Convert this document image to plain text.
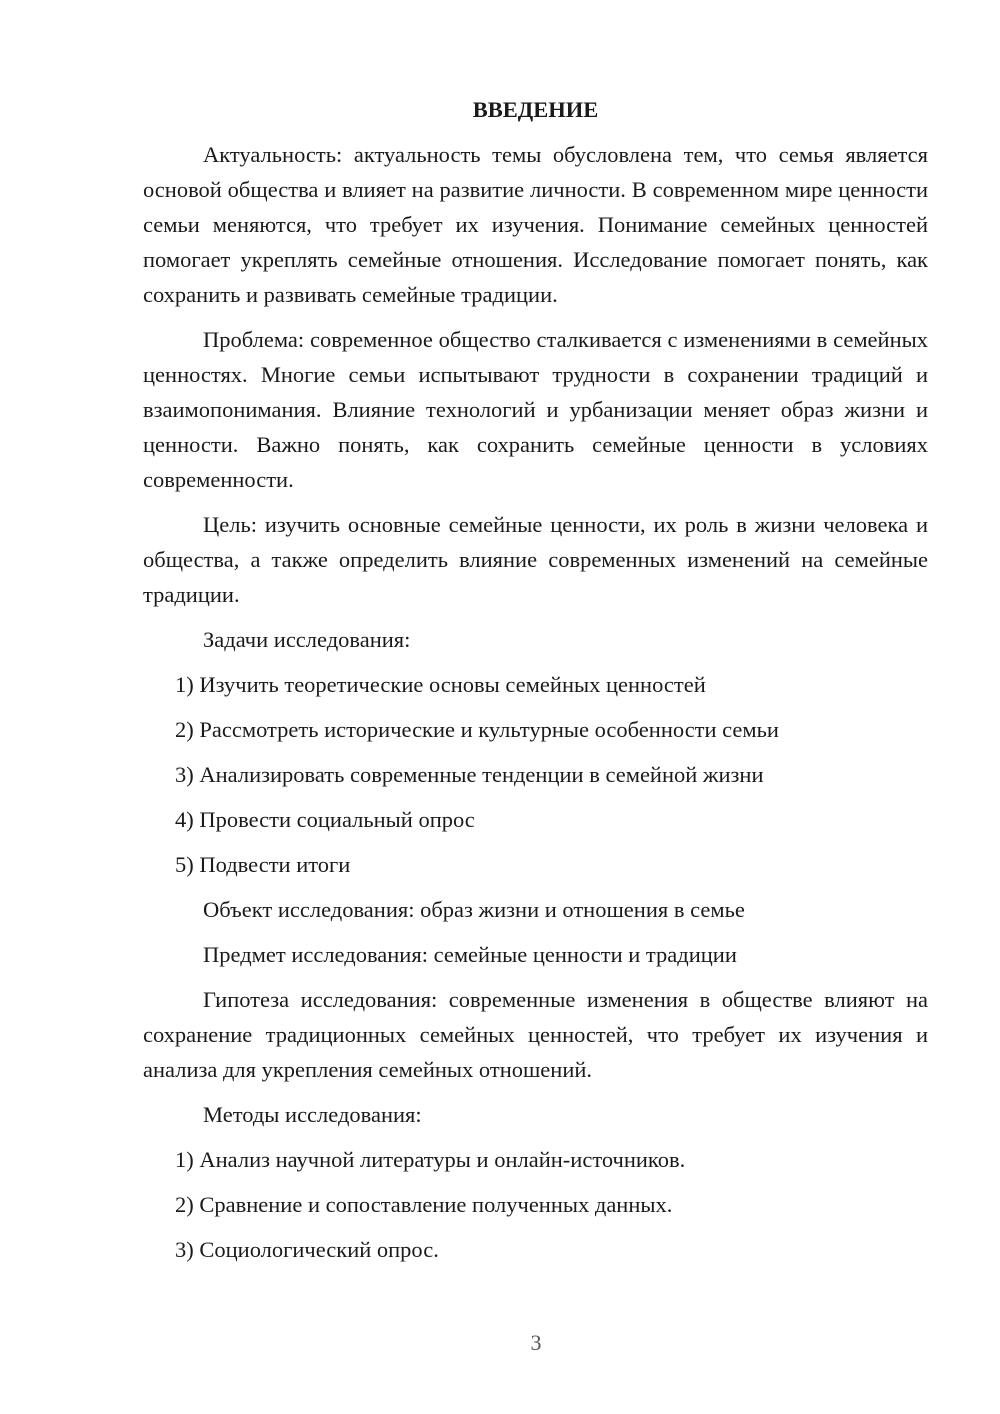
ВВЕДЕНИЕ
Актуальность: актуальность темы обусловлена тем, что семья является основой общества и влияет на развитие личности. В современном мире ценности семьи меняются, что требует их изучения. Понимание семейных ценностей помогает укреплять семейные отношения. Исследование помогает понять, как сохранить и развивать семейные традиции.
Проблема: современное общество сталкивается с изменениями в семейных ценностях. Многие семьи испытывают трудности в сохранении традиций и взаимопонимания. Влияние технологий и урбанизации меняет образ жизни и ценности. Важно понять, как сохранить семейные ценности в условиях современности.
Цель: изучить основные семейные ценности, их роль в жизни человека и общества, а также определить влияние современных изменений на семейные традиции.
Задачи исследования:
1) Изучить теоретические основы семейных ценностей
2) Рассмотреть исторические и культурные особенности семьи
3) Анализировать современные тенденции в семейной жизни
4) Провести социальный опрос
5) Подвести итоги
Объект исследования: образ жизни и отношения в семье
Предмет исследования: семейные ценности и традиции
Гипотеза исследования: современные изменения в обществе влияют на сохранение традиционных семейных ценностей, что требует их изучения и анализа для укрепления семейных отношений.
Методы исследования:
1) Анализ научной литературы и онлайн-источников.
2) Сравнение и сопоставление полученных данных.
3) Социологический опрос.
3
